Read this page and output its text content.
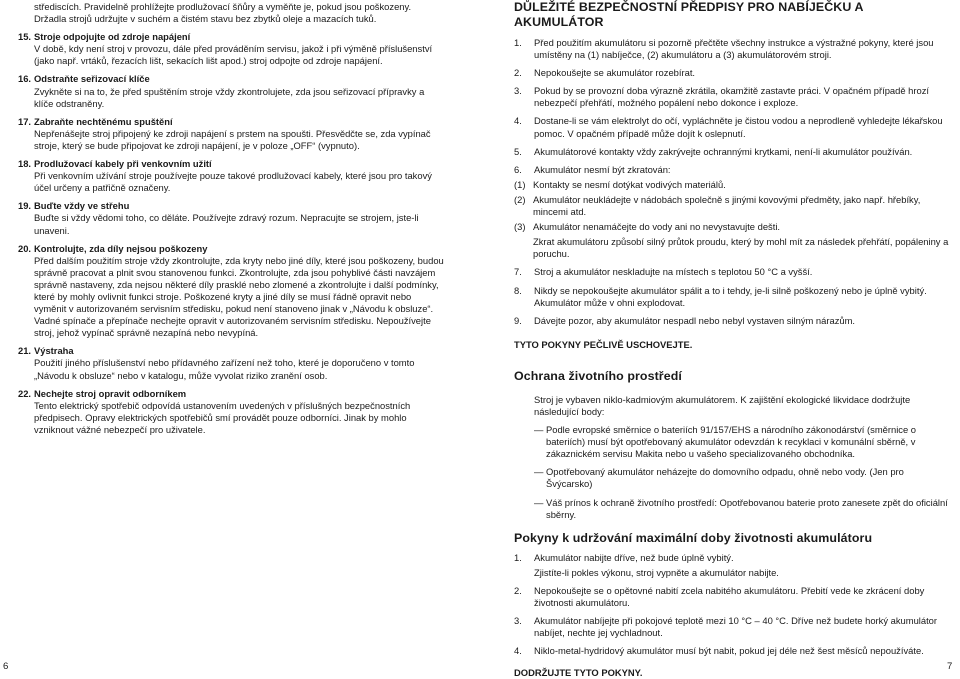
střediscích. Pravidelně prohlížejte prodlužovací šňůry a vyměňte je, pokud jsou poškozeny. Držadla strojů udržujte v suchém a čistém stavu bez zbytků oleje a mazacích tuků.

15. Stroje odpojujte od zdroje napájení
V době, kdy není stroj v provozu, dále před prováděním servisu, jakož i při výměně příslušenství (jako např. vrtáků, řezacích lišt, sekacích lišt apod.) stroj odpojte od zdroje napájení.
16. Odstraňte seřizovací klíče
Zvykněte si na to, že před spuštěním stroje vždy zkontrolujete, zda jsou seřizovací přípravky a klíče odstraněny.
17. Zabraňte nechtěnému spuštění
Nepřenášejte stroj připojený ke zdroji napájení s prstem na spoušti. Přesvědčte se, zda vypínač stroje, který se bude připojovat ke zdroji napájení, je v poloze „OFF“ (vypnuto).
18. Prodlužovací kabely při venkovním užití
Při venkovním užívání stroje používejte pouze takové prodlužovací kabely, které jsou pro takový účel určeny a patřičně označeny.
19. Buďte vždy ve střehu
Buďte si vždy vědomi toho, co děláte. Používejte zdravý rozum. Nepracujte se strojem, jste-li unaveni.
20. Kontrolujte, zda díly nejsou poškozeny
Před dalším použitím stroje vždy zkontrolujte, zda kryty nebo jiné díly, které jsou poškozeny, budou správně pracovat a plnit svou stanovenou funkci. Zkontrolujte, zda jsou pohyblivé části navzájem správně nastaveny, zda nejsou některé díly prasklé nebo zlomené a zkontrolujte i další podmínky, které by mohly ovlivnit funkci stroje. Poškozené kryty a jiné díly se musí řádně opravit nebo vyměnit v autorizovaném servisním středisku, pokud není stanoveno jinak v „Návodu k obsluze“. Vadné spínače a přepínače nechejte opravit v autorizovaném servisním středisku. Nepoužívejte stroj, jehož vypínač správně nezapíná nebo nevypíná.
21. Výstraha
Použití jiného příslušenství nebo přídavného zařízení než toho, které je doporučeno v tomto „Návodu k obsluze“ nebo v katalogu, může vyvolat riziko zranění osob.
22. Nechejte stroj opravit odborníkem
Tento elektrický spotřebič odpovídá ustanovením uvedených v příslušných bezpečnostních předpisech. Opravy elektrických spotřebičů smí provádět pouze odborníci. Jinak by mohlo vzniknout vážné nebezpečí pro uživatele.
DŮLEŽITÉ BEZPEČNOSTNÍ PŘEDPISY PRO NABÍJEČKU A AKUMULÁTOR
1. Před použitím akumulátoru si pozorně přečtěte všechny instrukce a výstražné pokyny, které jsou umístěny na (1) nabíječce, (2) akumulátoru a (3) akumulátorovém stroji.
2. Nepokoušejte se akumulátor rozebírat.
3. Pokud by se provozní doba výrazně zkrátila, okamžitě zastavte práci. V opačném případě hrozí nebezpečí přehřátí, možného popálení nebo dokonce i exploze.
4. Dostane-li se vám elektrolyt do očí, vypláchněte je čistou vodou a neprodleně vyhledejte lékařskou pomoc. V opačném případě může dojít k oslepnutí.
5. Akumulátorové kontakty vždy zakrývejte ochrannými krytkami, není-li akumulátor používán.
6. Akumulátor nesmí být zkratován:
(1) Kontakty se nesmí dotýkat vodivých materiálů.
(2) Akumulátor neukládejte v nádobách společně s jinými kovovými předměty, jako např. hřebíky, mincemi atd.
(3) Akumulátor nenamáčejte do vody ani no nevystavujte dešti.

Zkrat akumulátoru způsobí silný průtok proudu, který by mohl mít za následek přehřátí, popáleniny a poruchu.

7. Stroj a akumulátor neskladujte na místech s teplotou 50 °C a vyšší.
8. Nikdy se nepokoušejte akumulátor spálit a to i tehdy, je-li silně poškozený nebo je úplně vybitý. Akumulátor může v ohni explodovat.
9. Dávejte pozor, aby akumulátor nespadl nebo nebyl vystaven silným nárazům.

TYTO POKYNY PEČLIVĚ USCHOVEJTE.

Ochrana životního prostředí

Stroj je vybaven niklo-kadmiovým akumulátorem. K zajištění ekologické likvidace dodržujte následující body:

— Podle evropské směrnice o bateriích 91/157/EHS a národního zákonodárství (směrnice o bateriích) musí být opotřebovaný akumulátor odevzdán k recyklaci v komunální sběrně, v zákaznickém servisu Makita nebo u vašeho specializovaného obchodníka.
— Opotřebovaný akumulátor neházejte do domovního odpadu, ohně nebo vody. (Jen pro Švýcarsko)
— Váš prínos k ochraně životního prostředí: Opotřebovanou baterie proto zanesete zpět do oficiální sběrny.
Pokyny k udržování maximální doby životnosti akumulátoru
1. Akumulátor nabijte dříve, než bude úplně vybitý.

Zjistíte-li pokles výkonu, stroj vypněte a akumulátor nabijte.

2. Nepokoušejte se o opětovné nabití zcela nabitého akumulátoru. Přebití vede ke zkrácení doby životnosti akumulátoru.
3. Akumulátor nabíjejte při pokojové teplotě mezi 10 °C – 40 °C. Dříve než budete horký akumulátor nabíjet, nechte jej vychladnout.
4. Niklo-metal-hydridový akumulátor musí být nabit, pokud jej déle než šest měsíců nepoužíváte.

DODRŽUJTE TYTO POKYNY.

6	7
